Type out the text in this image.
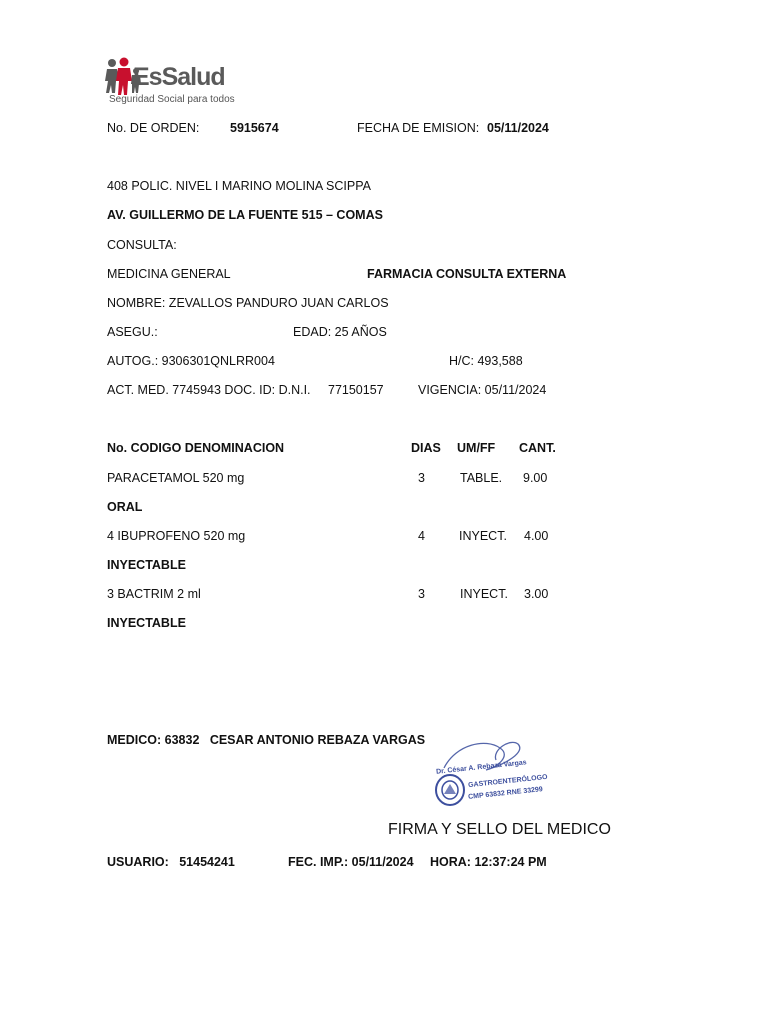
EsSalud
Seguridad Social para todos
No. DE ORDEN: 5915674	FECHA DE EMISION: 05/11/2024
408 POLIC. NIVEL I MARINO MOLINA SCIPPA
AV. GUILLERMO DE LA FUENTE 515 – COMAS
CONSULTA:
MEDICINA GENERAL	FARMACIA CONSULTA EXTERNA
NOMBRE: ZEVALLOS PANDURO JUAN CARLOS
ASEGU.:	EDAD: 25 AÑOS
AUTOG.: 9306301QNLRR004	H/C: 493,588
ACT. MED. 7745943 DOC. ID: D.N.I. 77150157	VIGENCIA: 05/11/2024
No. CODIGO DENOMINACION	DIAS UM/FF CANT.
PARACETAMOL 520 mg	3	TABLE. 9.00
ORAL
4 IBUPROFENO 520 mg	4	INYECT. 4.00
INYECTABLE
3 BACTRIM 2 ml	3	INYECT. 3.00
INYECTABLE
MEDICO: 63832   CESAR ANTONIO REBAZA VARGAS
Dr. César A. Rebaza Vargas
GASTROENTERÓLOGO
CMP 63832 RNE 33299
FIRMA Y SELLO DEL MEDICO
USUARIO:   51454241	FEC. IMP.: 05/11/2024 HORA: 12:37:24 PM
